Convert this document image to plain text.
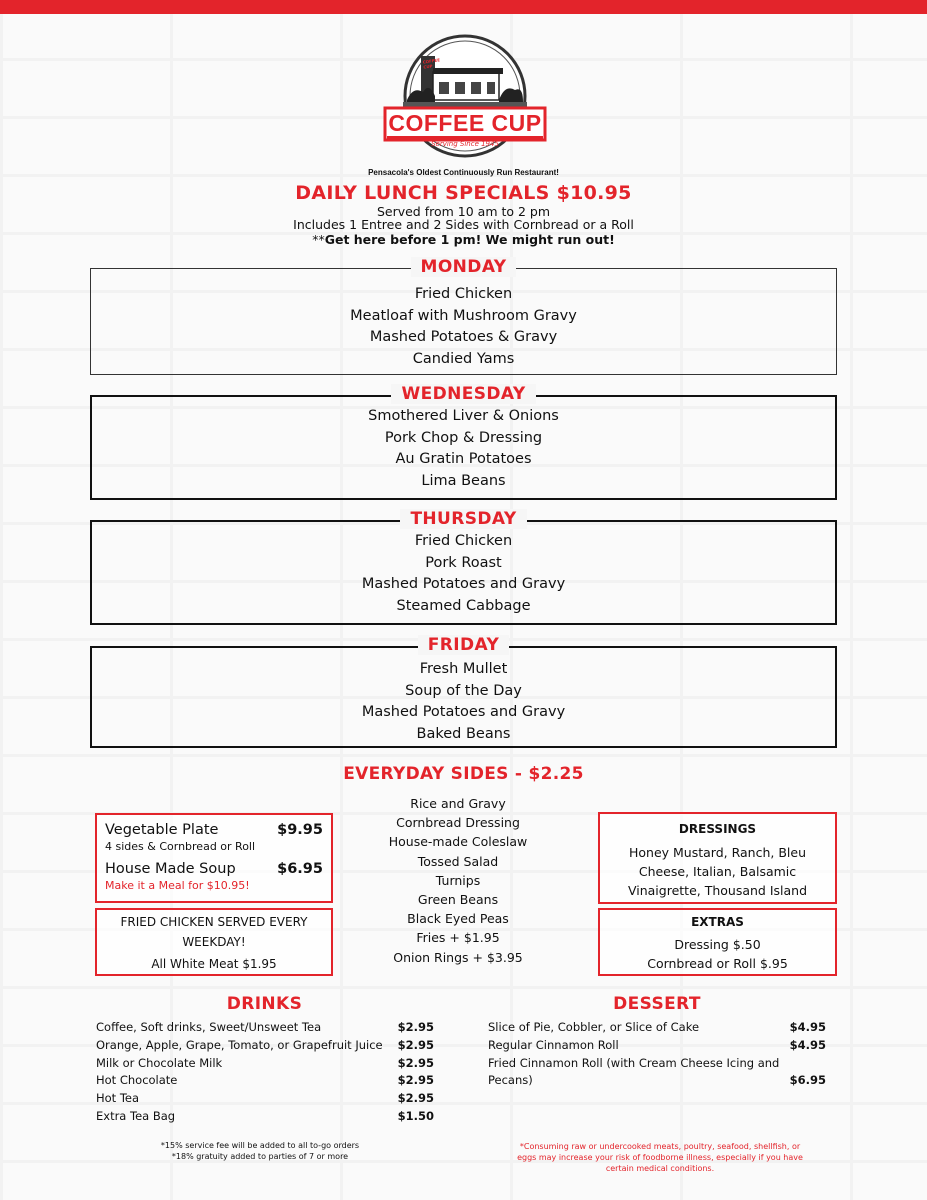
COFFEE CUP
COFFEE CUP
Serving Since 1945
Pensacola's Oldest Continuously Run Restaurant!
DAILY LUNCH SPECIALS $10.95
Served from 10 am to 2 pm
Includes 1 Entree and 2 Sides with Cornbread or a Roll
**Get here before 1 pm! We might run out!
MONDAY
Fried Chicken
Meatloaf with Mushroom Gravy
Mashed Potatoes & Gravy
Candied Yams
WEDNESDAY
Smothered Liver & Onions
Pork Chop & Dressing
Au Gratin Potatoes
Lima Beans
THURSDAY
Fried Chicken
Pork Roast
Mashed Potatoes and Gravy
Steamed Cabbage
FRIDAY
Fresh Mullet
Soup of the Day
Mashed Potatoes and Gravy
Baked Beans
EVERYDAY SIDES - $2.25
Rice and Gravy
Cornbread Dressing
House-made Coleslaw
Tossed Salad
Turnips
Green Beans
Black Eyed Peas
Fries + $1.95
Onion Rings + $3.95
Vegetable Plate	$9.95
4 sides & Cornbread or Roll
House Made Soup	$6.95
Make it a Meal for $10.95!
FRIED CHICKEN SERVED EVERY
WEEKDAY!
All White Meat $1.95
DRESSINGS
Honey Mustard, Ranch, Bleu
Cheese, Italian, Balsamic
Vinaigrette, Thousand Island
EXTRAS
Dressing $.50
Cornbread or Roll $.95
DRINKS
Coffee, Soft drinks, Sweet/Unsweet Tea	$2.95
Orange, Apple, Grape, Tomato, or Grapefruit Juice $2.95
Milk or Chocolate Milk	$2.95
Hot Chocolate	$2.95
Hot Tea	$2.95
Extra Tea Bag	$1.50
DESSERT
Slice of Pie, Cobbler, or Slice of Cake	$4.95
Regular Cinnamon Roll	$4.95
Fried Cinnamon Roll (with Cream Cheese Icing and
Pecans)	$6.95
*15% service fee will be added to all to-go orders
*18% gratuity added to parties of 7 or more
*Consuming raw or undercooked meats, poultry, seafood, shellfish, or
eggs may increase your risk of foodborne illness, especially if you have
certain medical conditions.
